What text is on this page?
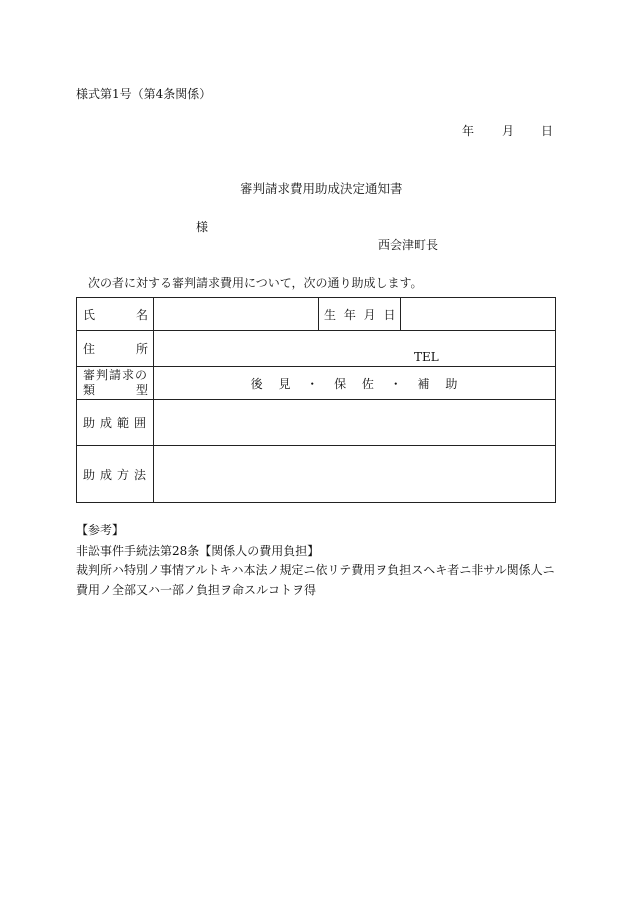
様式第1号（第4条関係）
年 月 日
審判請求費用助成決定通知書
様
西会津町長
次の者に対する審判請求費用について，次の通り助成します。
氏 名		生 年 月 日	

住 所	TEL		

審判請求の
類 型	後 見 ・ 保 佐 ・ 補 助		

助 成 範 囲			

助 成 方 法			

【参考】
非訟事件手続法第28条【関係人の費用負担】
裁判所ハ特別ノ事情アルトキハ本法ノ規定ニ依リテ費用ヲ負担スヘキ者ニ非サル関係人ニ
費用ノ全部又ハ一部ノ負担ヲ命スルコトヲ得
